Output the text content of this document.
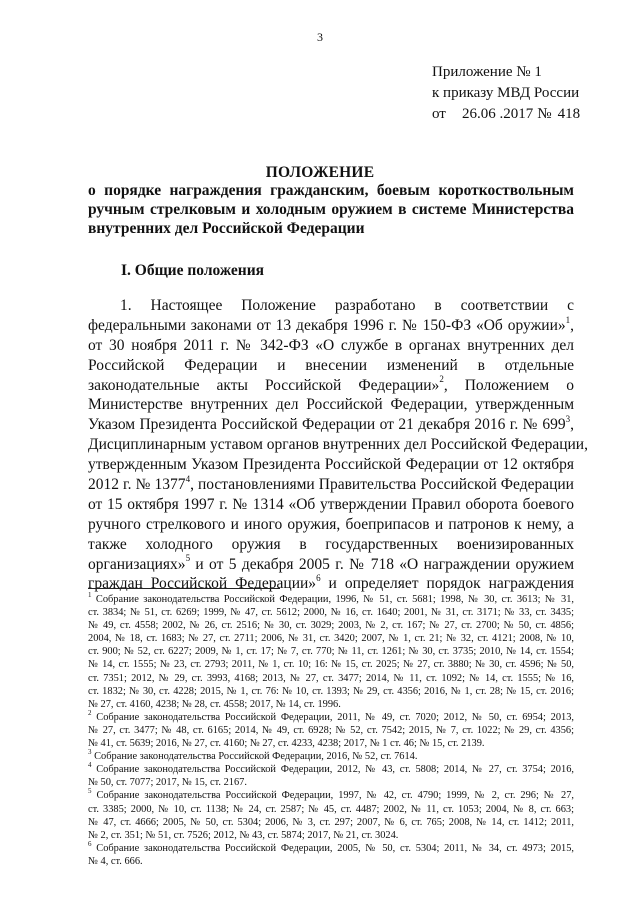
3
Приложение № 1
к приказу МВД России
от 26.06 .2017 № 418
ПОЛОЖЕНИЕ
о порядке награждения гражданским, боевым короткоствольным
ручным стрелковым и холодным оружием в системе Министерства
внутренних дел Российской Федерации
I. Общие положения
1. Настоящее Положение разработано в соответствии с
федеральными законами от 13 декабря 1996 г. № 150-ФЗ «Об оружии»$^1$,
от 30 ноября 2011 г. № 342-ФЗ «О службе в органах внутренних дел
Российской Федерации и внесении изменений в отдельные
законодательные акты Российской Федерации»$^2$, Положением о
Министерстве внутренних дел Российской Федерации, утвержденным
Указом Президента Российской Федерации от 21 декабря 2016 г. № $699^3$,
Дисциплинарным уставом органов внутренних дел Российской Федерации,
утвержденным Указом Президента Российской Федерации от 12 октября
2012 г. № 1377$^4$, постановлениями Правительства Российской Федерации
от 15 октября 1997 г. № 1314 «Об утверждении Правил оборота боевого
ручного стрелкового и иного оружия, боеприпасов и патронов к нему, а
также холодного оружия в государственных военизированных
организациях»$^5$ и от 5 декабря 2005 г. № 718 «О награждении оружием
граждан Российской Федерации»$^6$ и определяет порядок награждения
$^1$ Собрание законодательства Российской Федерации, 1996, № 51, ст. 5681; 1998, № 30, ст. 3613; № 31,
ст. 3834; № 51, ст. 6269; 1999, № 47, ст. 5612; 2000, № 16, ст. 1640; 2001, № 31, ст. 3171; № 33, ст. 3435;
№ 49, ст. 4558; 2002, № 26, ст. 2516; № 30, ст. 3029; 2003, № 2, ст. 167; № 27, ст. 2700; № 50, ст. 4856;
2004, № 18, ст. 1683; № 27, ст. 2711; 2006, № 31, ст. 3420; 2007, № 1, ст. 21; № 32, ст. 4121; 2008, № 10,
ст. 900; № 52, ст. 6227; 2009, № 1, ст. 17; № 7, ст. 770; № 11, ст. 1261; № 30, ст. 3735; 2010, № 14, ст. 1554;
№ 14, ст. 1555; № 23, ст. 2793; 2011, № 1, ст. 10; 16: № 15, ст. 2025; № 27, ст. 3880; № 30, ст. 4596; № 50,
ст. 7351; 2012, № 29, ст. 3993, 4168; 2013, № 27, ст. 3477; 2014, № 11, ст. 1092; № 14, ст. 1555; № 16,
ст. 1832; № 30, ст. 4228; 2015, № 1, ст. 76: № 10, ст. 1393; № 29, ст. 4356; 2016, № 1, ст. 28; № 15, ст. 2016;
№ 27, ст. 4160, 4238; № 28, ст. 4558; 2017, № 14, ст. 1996.
$^2$ Собрание законодательства Российской Федерации, 2011, № 49, ст. 7020; 2012, № 50, ст. 6954; 2013,
№ 27, ст. 3477; № 48, ст. 6165; 2014, № 49, ст. 6928; № 52, ст. 7542; 2015, № 7, ст. 1022; № 29, ст. 4356;
№ 41, ст. 5639; 2016, № 27, ст. 4160; № 27, ст. 4233, 4238; 2017, № 1 ст. 46; № 15, ст. 2139.
$^3$ Собрание законодательства Российской Федерации, 2016, № 52, ст. 7614.
$^4$ Собрание законодательства Российской Федерации, 2012, № 43, ст. 5808; 2014, № 27, ст. 3754; 2016,
№ 50, ст. 7077; 2017, № 15, ст. 2167.
$^5$ Собрание законодательства Российской Федерации, 1997, № 42, ст. 4790; 1999, № 2, ст. 296; № 27,
ст. 3385; 2000, № 10, ст. 1138; № 24, ст. 2587; № 45, ст. 4487; 2002, № 11, ст. 1053; 2004, № 8, ст. 663;
№ 47, ст. 4666; 2005, № 50, ст. 5304; 2006, № 3, ст. 297; 2007, № 6, ст. 765; 2008, № 14, ст. 1412; 2011,
№ 2, ст. 351; № 51, ст. 7526; 2012, № 43, ст. 5874; 2017, № 21, ст. 3024.
$^6$ Собрание законодательства Российской Федерации, 2005, № 50, ст. 5304; 2011, № 34, ст. 4973; 2015,
№ 4, ст. 666.
